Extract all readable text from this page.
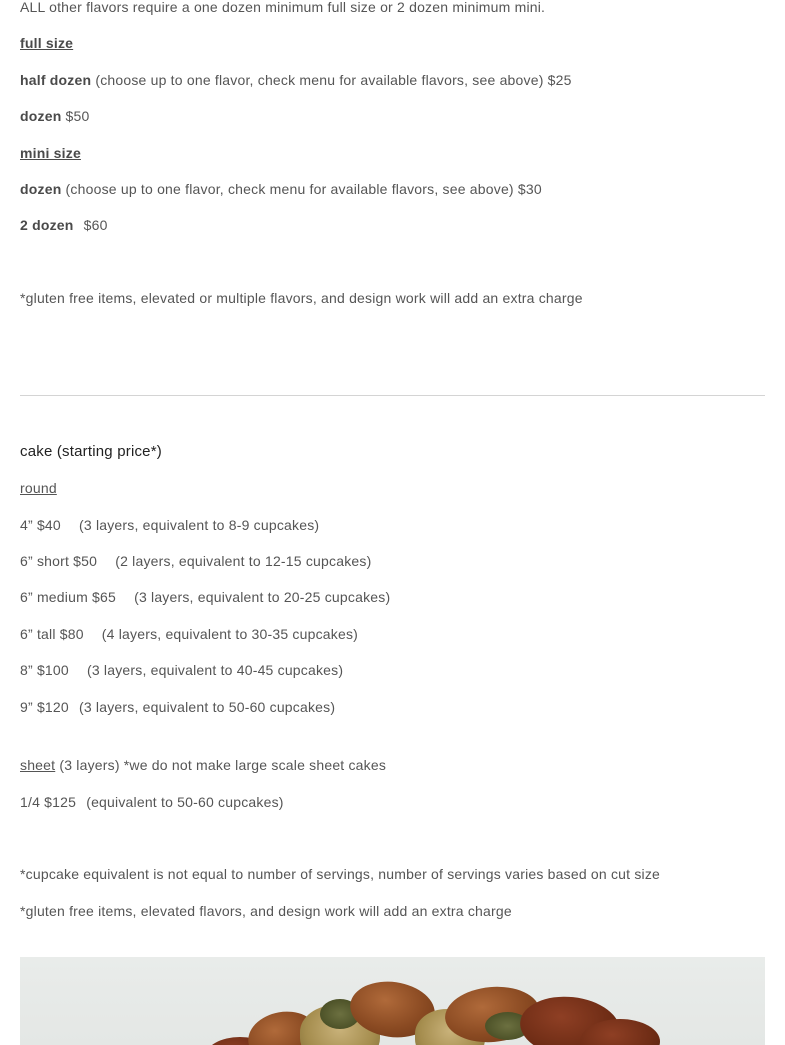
ALL other flavors require a one dozen minimum full size or 2 dozen minimum mini.
full size
half dozen (choose up to one flavor, check menu for available flavors, see above) $25
dozen $50
mini size
dozen (choose up to one flavor, check menu for available flavors, see above) $30
2 dozen $60
*gluten free items, elevated or multiple flavors, and design work will add an extra charge
cake (starting price*)
round
4” $40 (3 layers, equivalent to 8-9 cupcakes)
6” short $50 (2 layers, equivalent to 12-15 cupcakes)
6” medium $65 (3 layers, equivalent to 20-25 cupcakes)
6” tall $80 (4 layers, equivalent to 30-35 cupcakes)
8” $100 (3 layers, equivalent to 40-45 cupcakes)
9” $120 (3 layers, equivalent to 50-60 cupcakes)
sheet (3 layers) *we do not make large scale sheet cakes
1/4 $125 (equivalent to 50-60 cupcakes)
*cupcake equivalent is not equal to number of servings, number of servings varies based on cut size
*gluten free items, elevated flavors, and design work will add an extra charge
